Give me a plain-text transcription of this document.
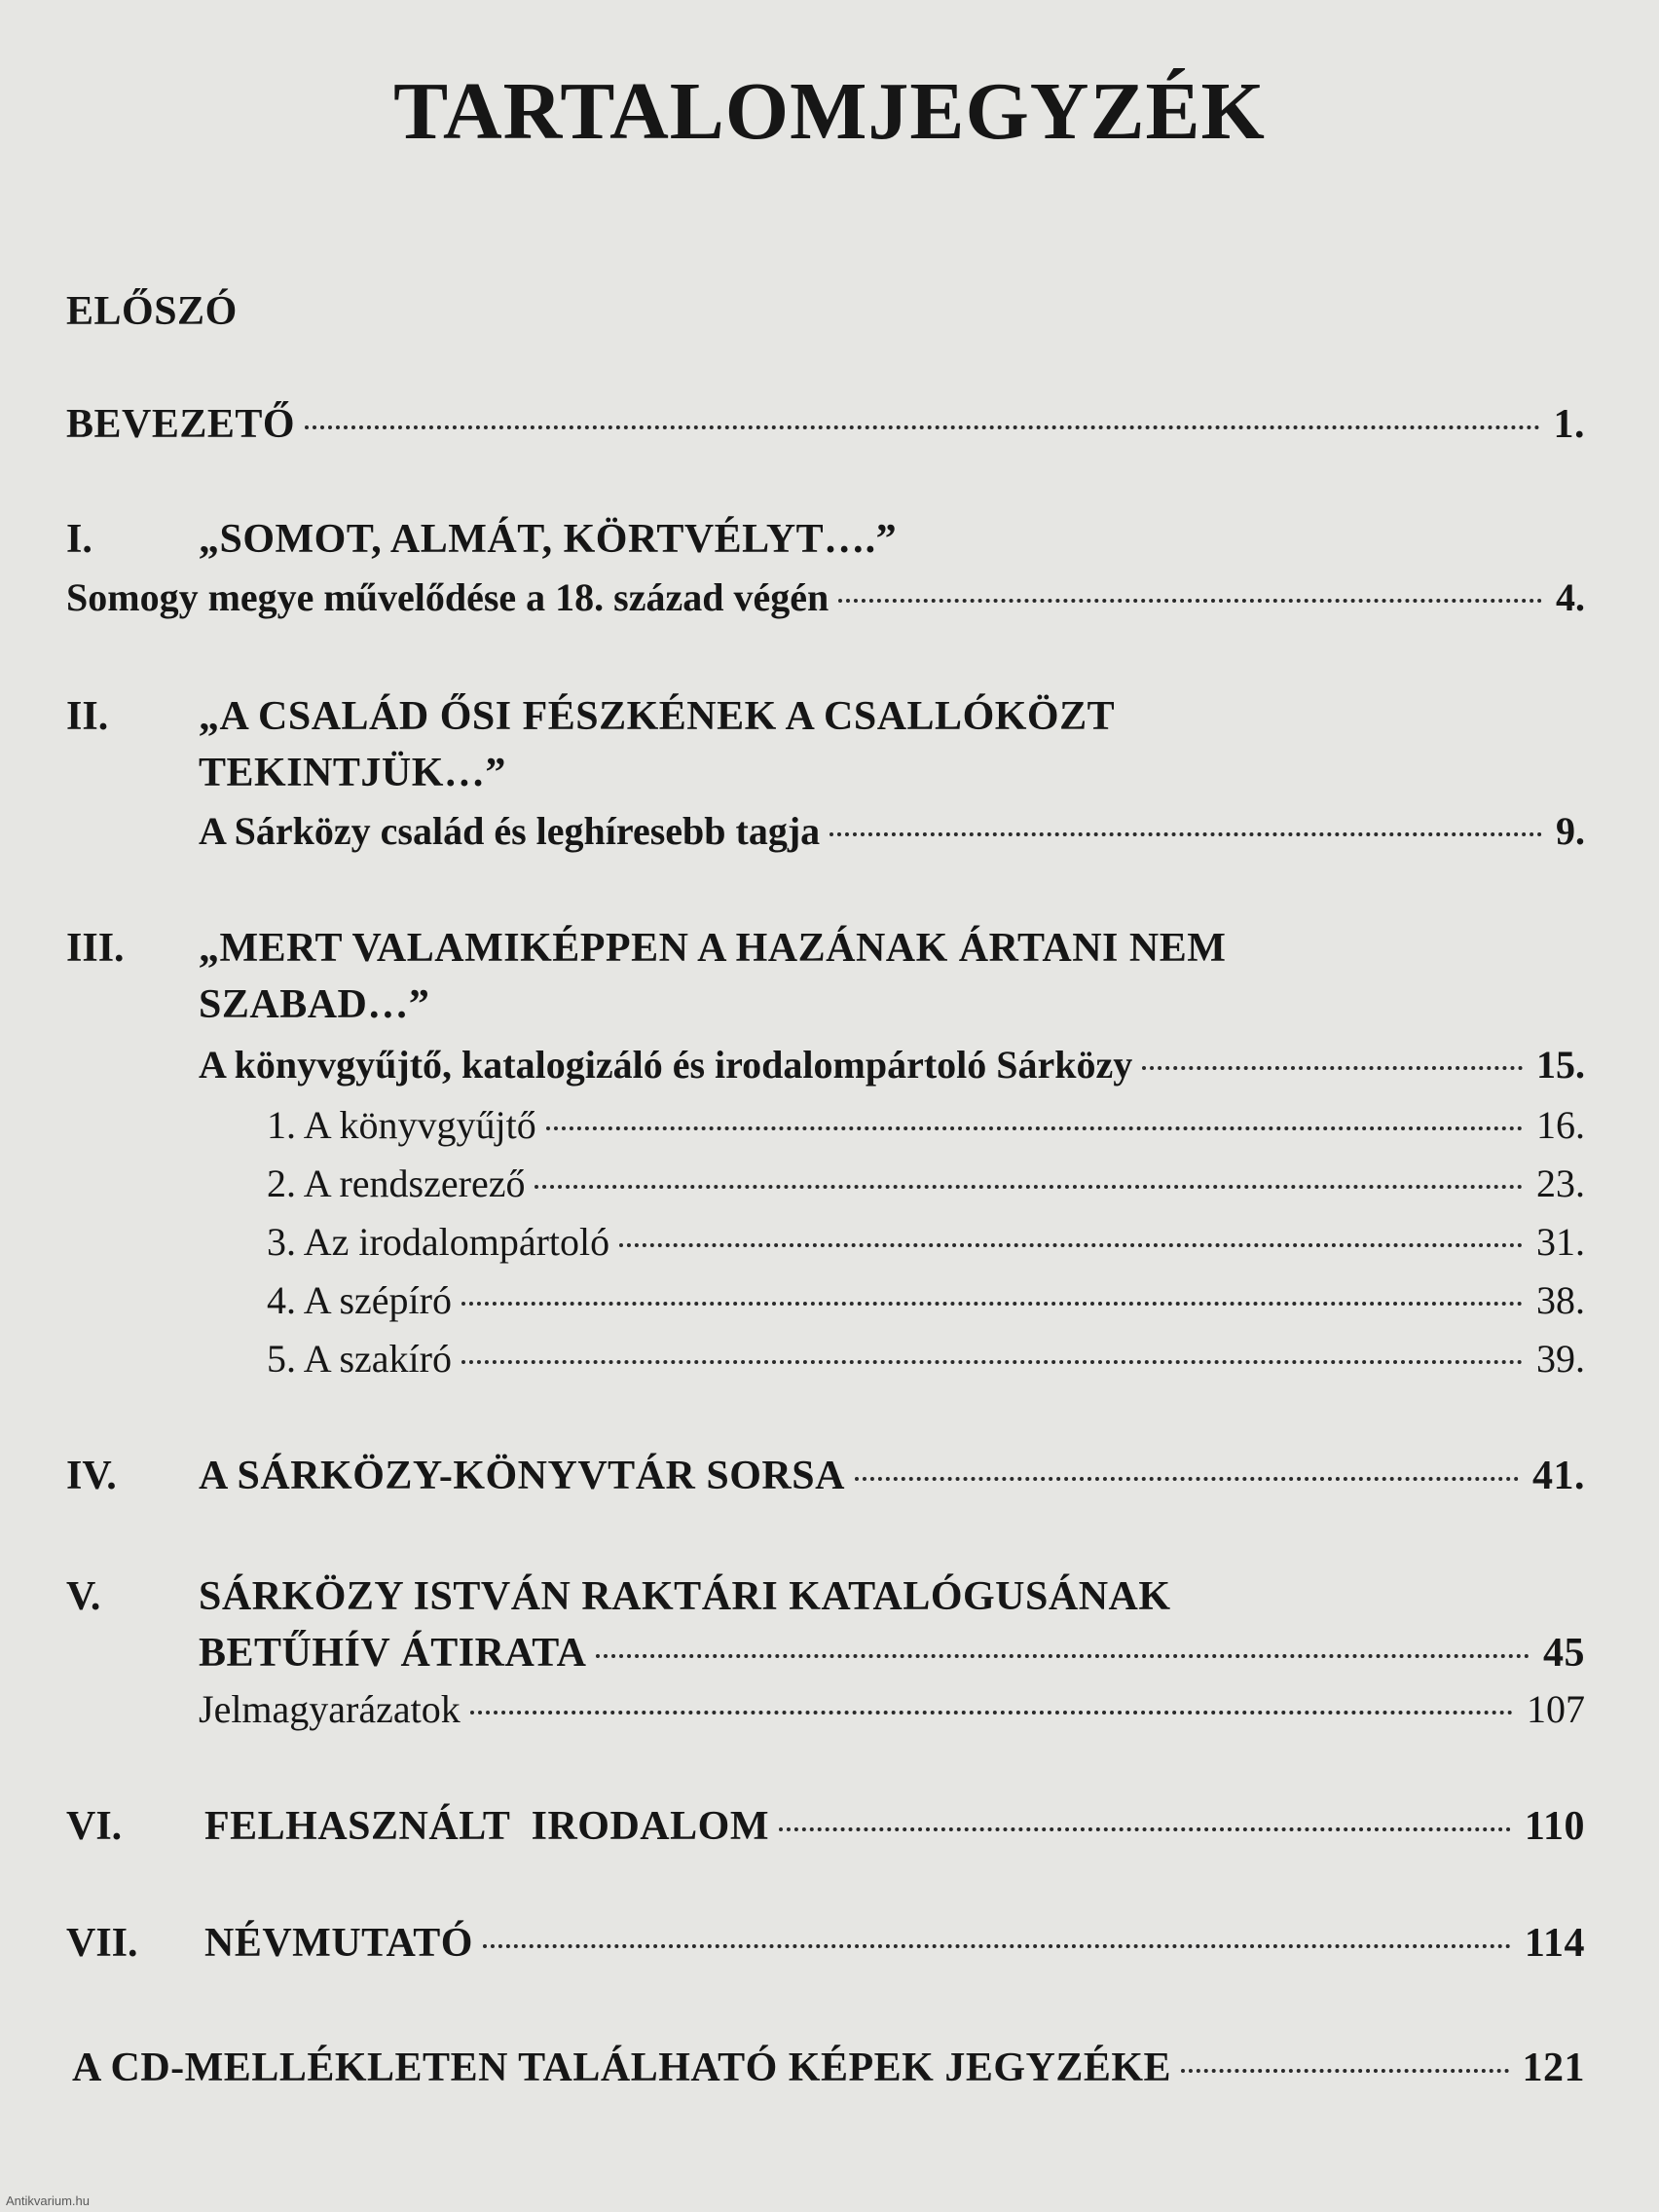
TARTALOMJEGYZÉK
ELŐSZÓ
BEVEZETŐ	1.
I.	„SOMOT, ALMÁT, KÖRTVÉLYT….”
Somogy megye művelődése a 18. század végén	4.
II. „A CSALÁD ŐSI FÉSZKÉNEK A CSALLÓKÖZT
TEKINTJÜK…”
A Sárközy család és leghíresebb tagja	9.
III. „MERT VALAMIKÉPPEN A HAZÁNAK ÁRTANI NEM
SZABAD…”
A könyvgyűjtő, katalogizáló és irodalompártoló Sárközy	15.
1. A könyvgyűjtő	16.
2. A rendszerező	23.
3. Az irodalompártoló	31.
4. A szépíró	38.
5. A szakíró	39.
IV. A SÁRKÖZY-KÖNYVTÁR SORSA	41.
V. SÁRKÖZY ISTVÁN RAKTÁRI KATALÓGUSÁNAK
BETŰHÍV ÁTIRATA	45
Jelmagyarázatok	107
VI. FELHASZNÁLT  IRODALOM	110
VII. NÉVMUTATÓ	114
A CD-MELLÉKLETEN TALÁLHATÓ KÉPEK JEGYZÉKE	121
Antikvarium.hu
